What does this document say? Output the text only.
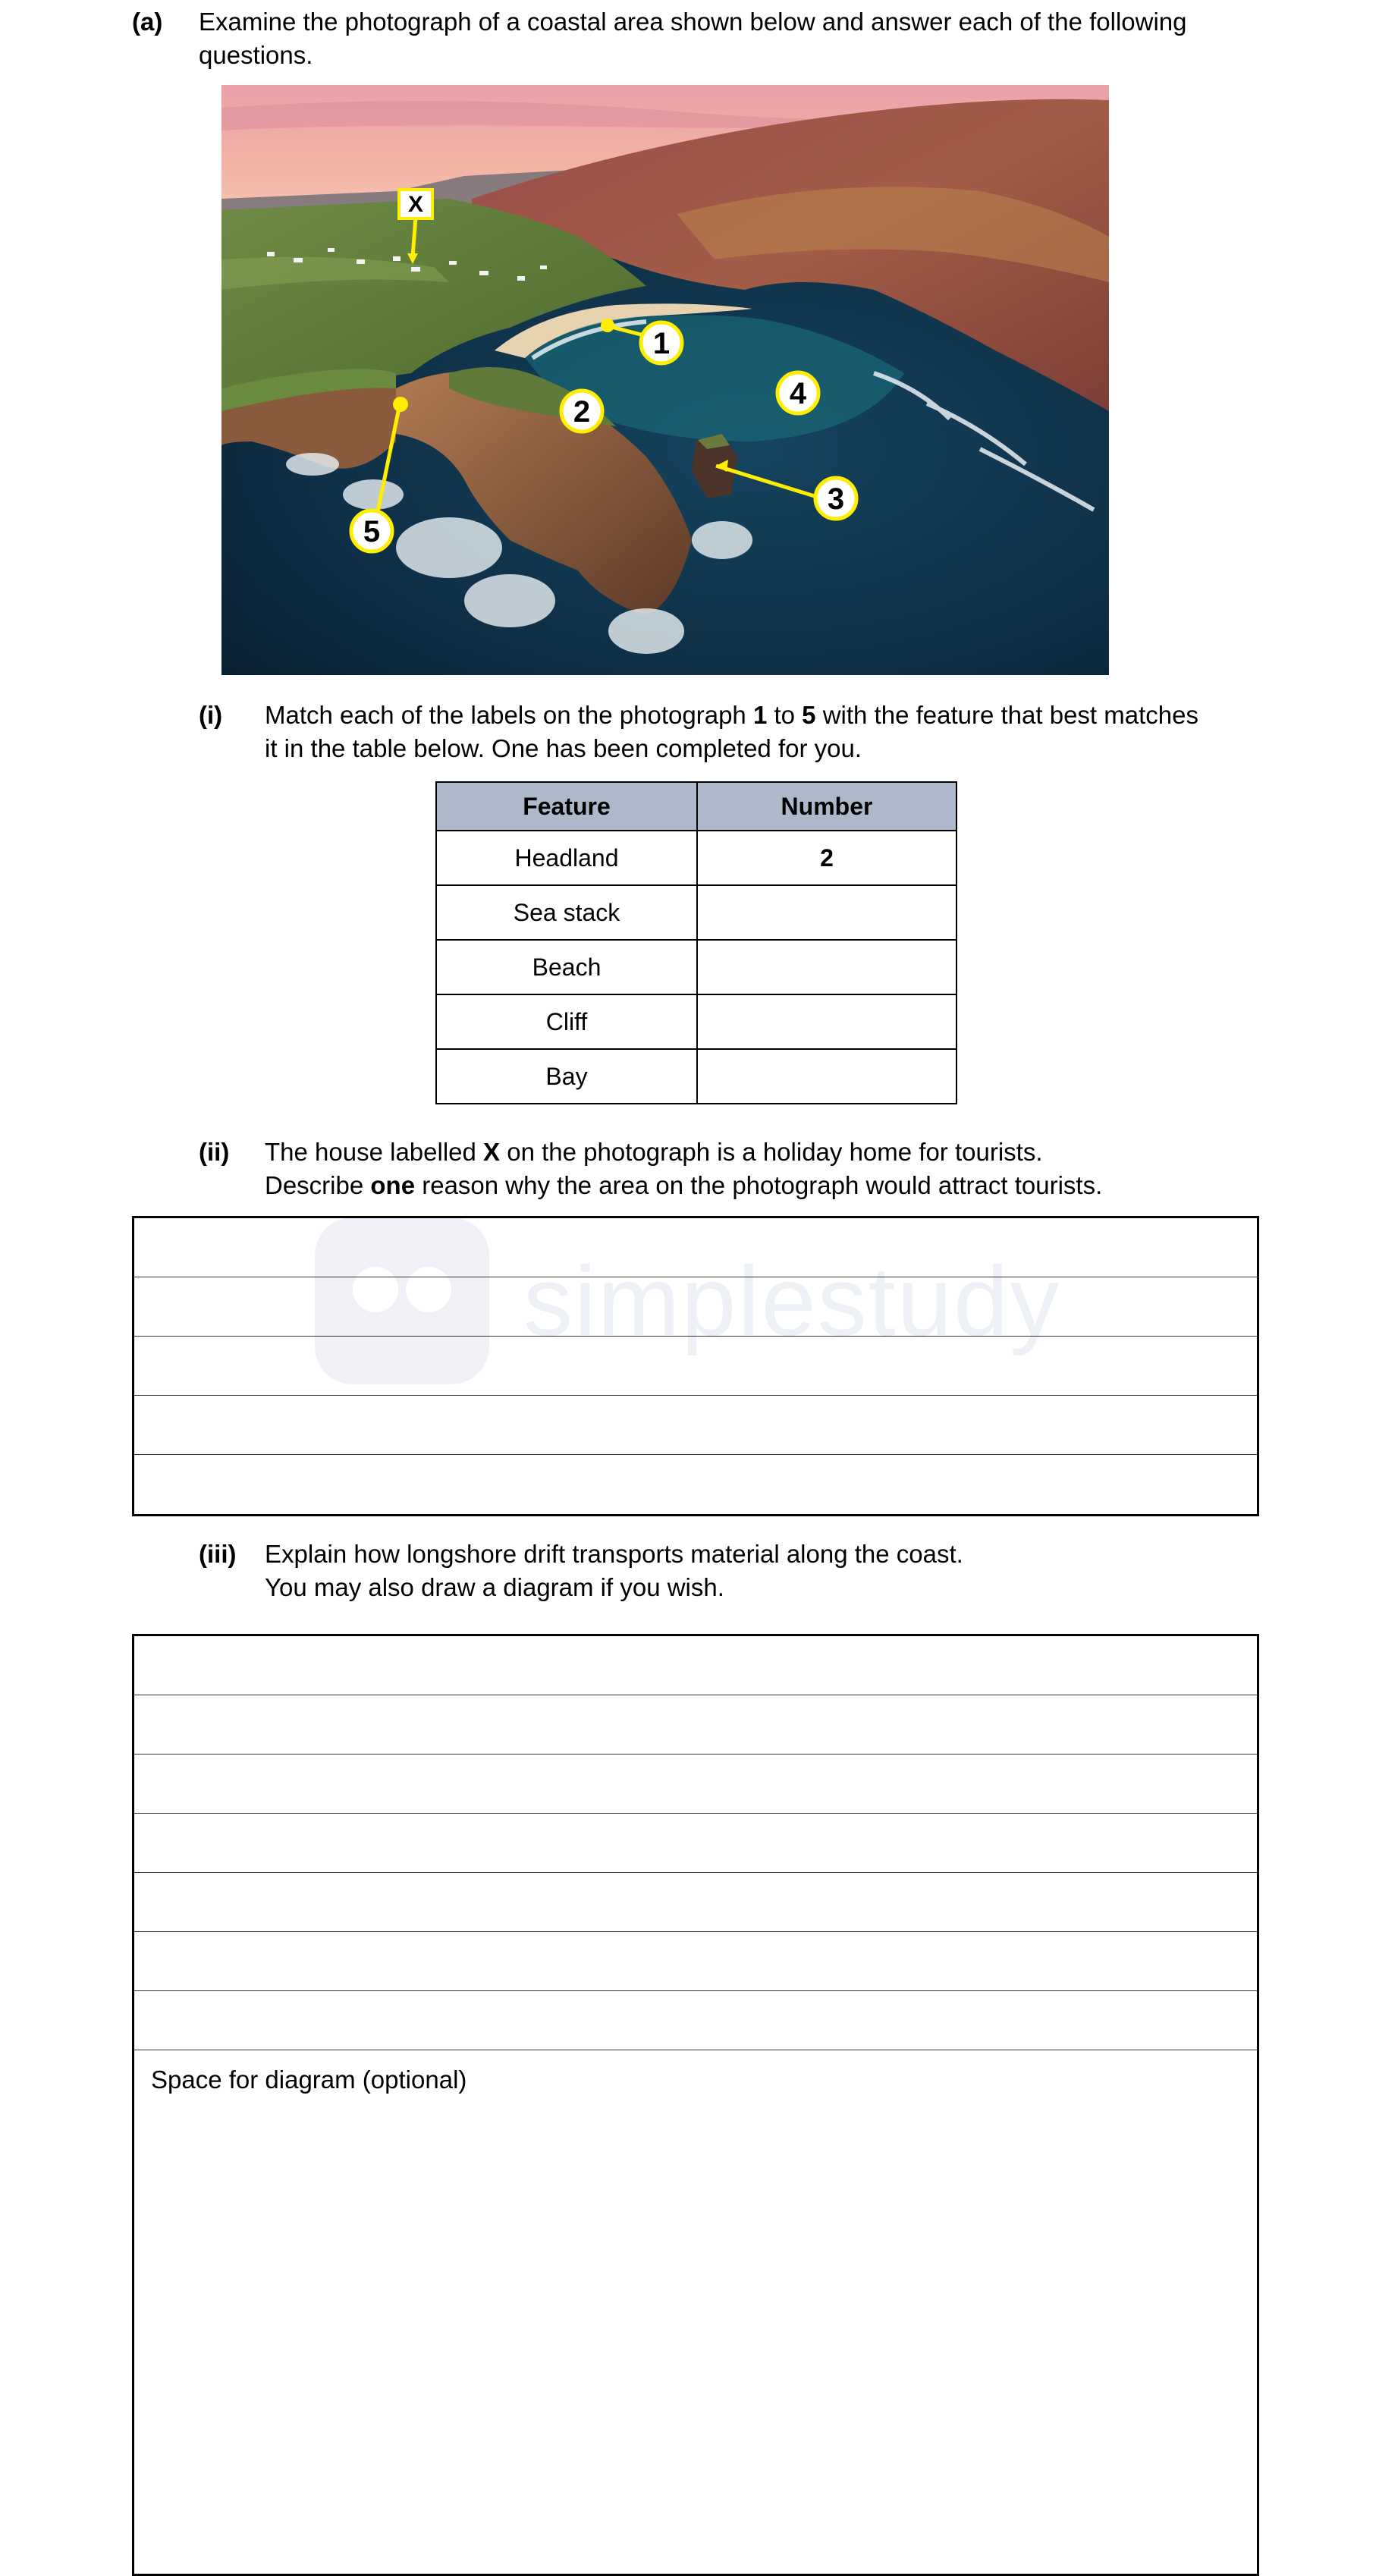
(a) Examine the photograph of a coastal area shown below and answer each of the following
questions.
X
1
2
3
4
5
(i) Match each of the labels on the photograph 1 to 5 with the feature that best matches
it in the table below. One has been completed for you.
Feature	Number
Headland	2
Sea stack	
Beach	
Cliff	
Bay	
(ii) The house labelled X on the photograph is a holiday home for tourists.
Describe one reason why the area on the photograph would attract tourists.
simplestudy
(iii) Explain how longshore drift transports material along the coast.
You may also draw a diagram if you wish.
Space for diagram (optional)
